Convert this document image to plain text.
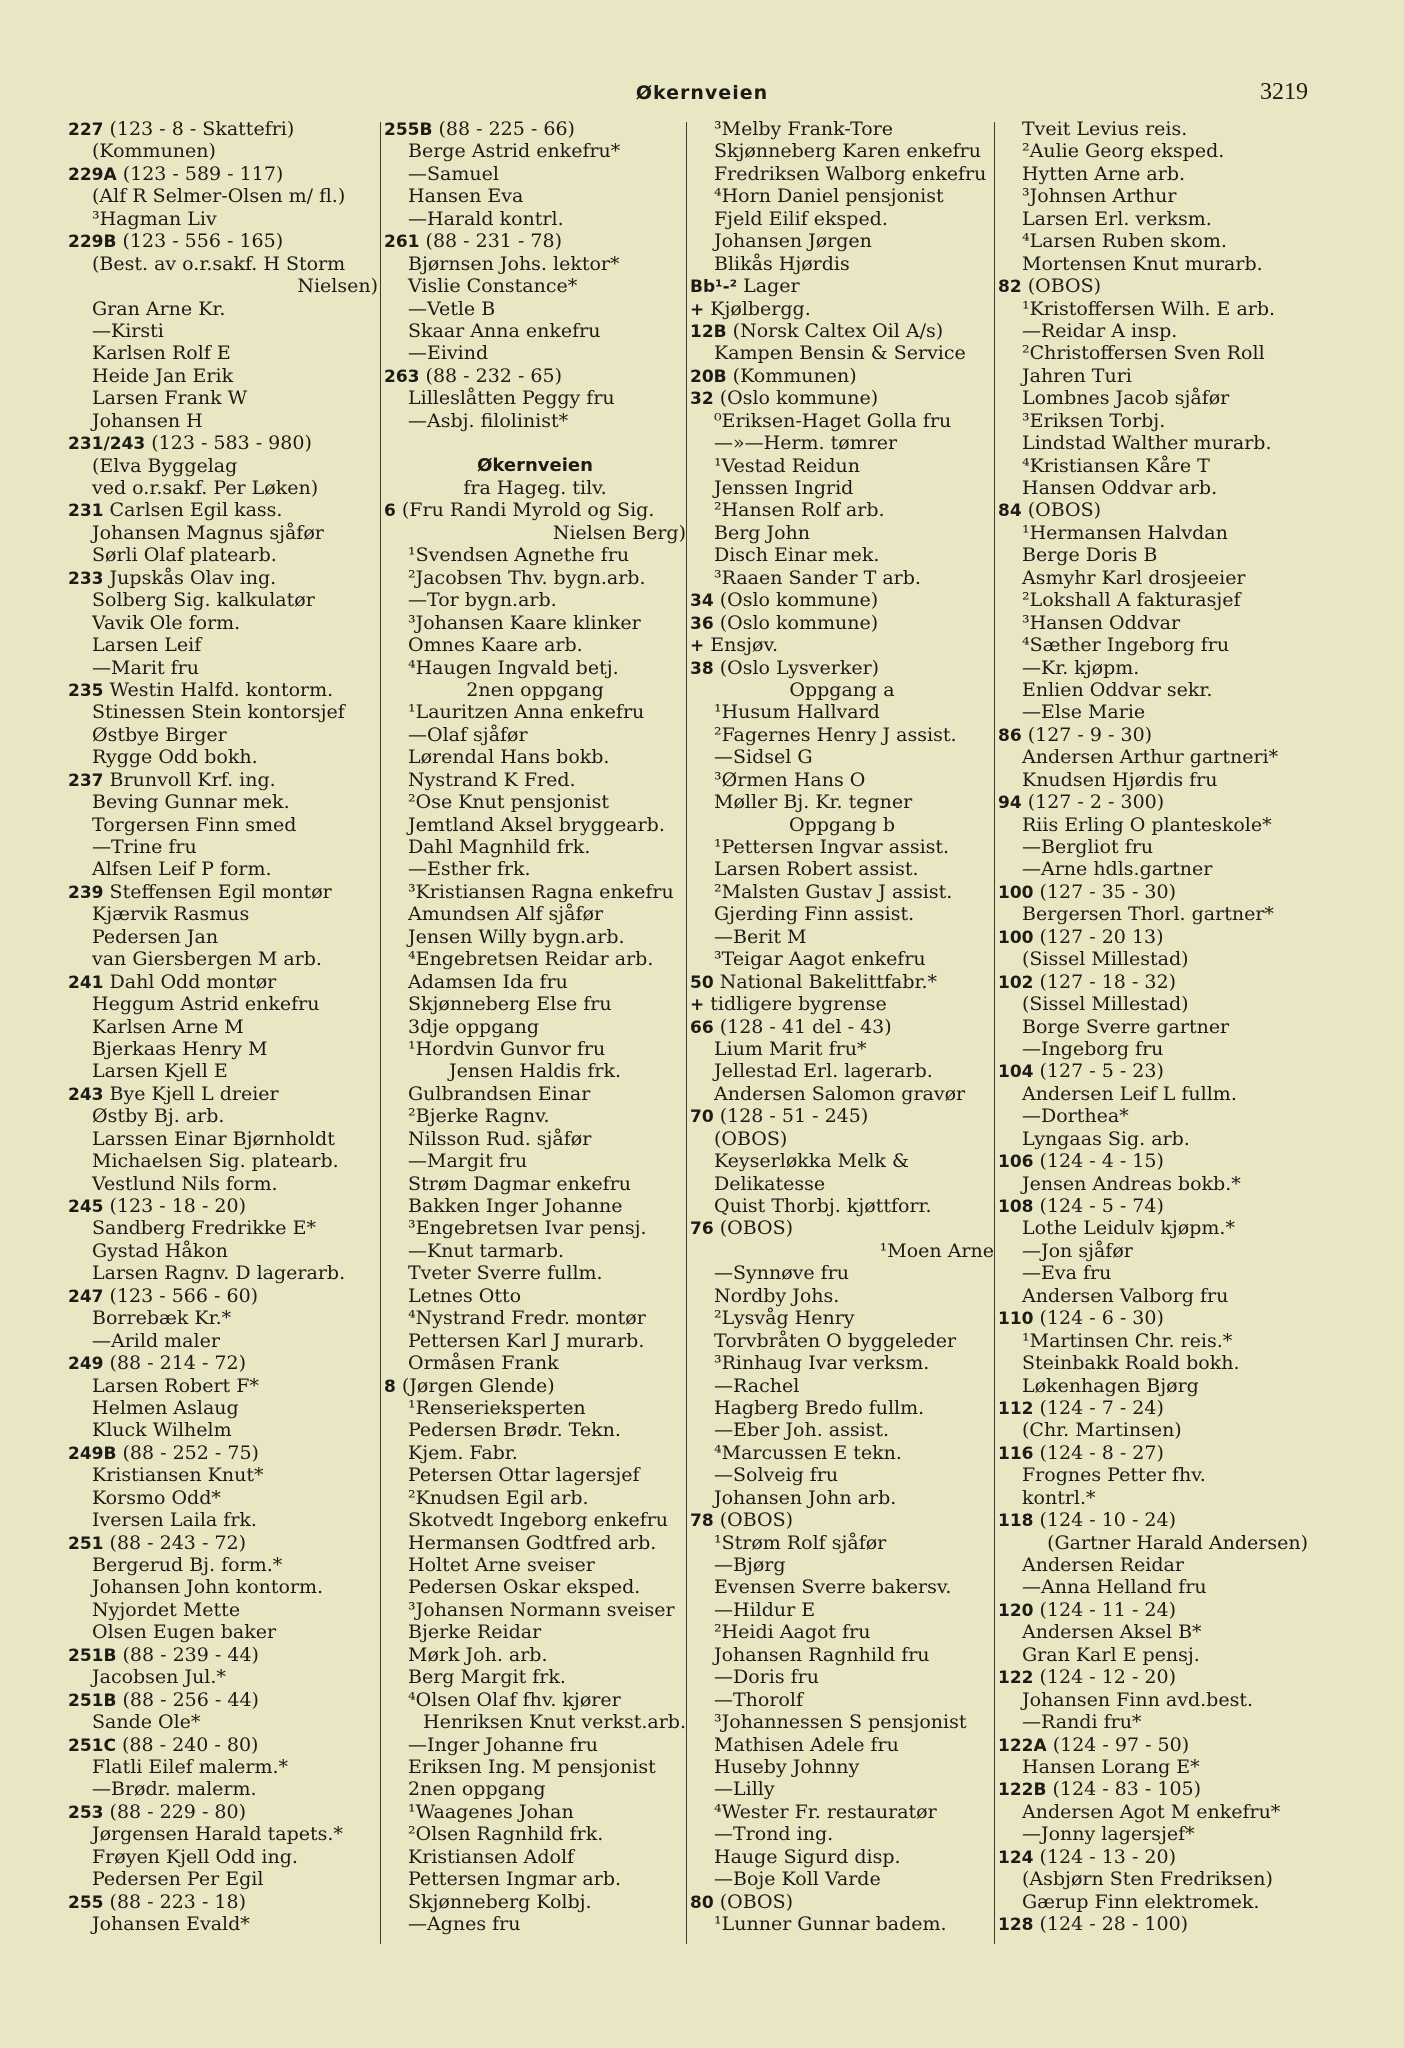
Økernveien	3219
227 (123 - 8 - Skattefri)
(Kommunen)
229A (123 - 589 - 117)
(Alf R Selmer-Olsen m/ fl.)
³Hagman Liv
229B (123 - 556 - 165)
(Best. av o.r.sakf. H Storm
Nielsen)
Gran Arne Kr.
—Kirsti
Karlsen Rolf E
Heide Jan Erik
Larsen Frank W
Johansen H
231/243 (123 - 583 - 980)
(Elva Byggelag
ved o.r.sakf. Per Løken)
231 Carlsen Egil kass.
Johansen Magnus sjåfør
Sørli Olaf platearb.
233 Jupskås Olav ing.
Solberg Sig. kalkulatør
Vavik Ole form.
Larsen Leif
—Marit fru
235 Westin Halfd. kontorm.
Stinessen Stein kontorsjef
Østbye Birger
Rygge Odd bokh.
237 Brunvoll Krf. ing.
Beving Gunnar mek.
Torgersen Finn smed
—Trine fru
Alfsen Leif P form.
239 Steffensen Egil montør
Kjærvik Rasmus
Pedersen Jan
van Giersbergen M arb.
241 Dahl Odd montør
Heggum Astrid enkefru
Karlsen Arne M
Bjerkaas Henry M
Larsen Kjell E
243 Bye Kjell L dreier
Østby Bj. arb.
Larssen Einar Bjørnholdt
Michaelsen Sig. platearb.
Vestlund Nils form.
245 (123 - 18 - 20)
Sandberg Fredrikke E*
Gystad Håkon
Larsen Ragnv. D lagerarb.
247 (123 - 566 - 60)
Borrebæk Kr.*
—Arild maler
249 (88 - 214 - 72)
Larsen Robert F*
Helmen Aslaug
Kluck Wilhelm
249B (88 - 252 - 75)
Kristiansen Knut*
Korsmo Odd*
Iversen Laila frk.
251 (88 - 243 - 72)
Bergerud Bj. form.*
Johansen John kontorm.
Nyjordet Mette
Olsen Eugen baker
251B (88 - 239 - 44)
Jacobsen Jul.*
251B (88 - 256 - 44)
Sande Ole*
251C (88 - 240 - 80)
Flatli Eilef malerm.*
—Brødr. malerm.
253 (88 - 229 - 80)
Jørgensen Harald tapets.*
Frøyen Kjell Odd ing.
Pedersen Per Egil
255 (88 - 223 - 18)
Johansen Evald*
255B (88 - 225 - 66)
Berge Astrid enkefru*
—Samuel
Hansen Eva
—Harald kontrl.
261 (88 - 231 - 78)
Bjørnsen Johs. lektor*
Vislie Constance*
—Vetle B
Skaar Anna enkefru
—Eivind
263 (88 - 232 - 65)
Lilleslåtten Peggy fru
—Asbj. filolinist*
Økernveien
fra Hageg. tilv.
6 (Fru Randi Myrold og Sig.
Nielsen Berg)
¹Svendsen Agnethe fru
²Jacobsen Thv. bygn.arb.
—Tor bygn.arb.
³Johansen Kaare klinker
Omnes Kaare arb.
⁴Haugen Ingvald betj.
2nen oppgang
¹Lauritzen Anna enkefru
—Olaf sjåfør
Lørendal Hans bokb.
Nystrand K Fred.
²Ose Knut pensjonist
Jemtland Aksel bryggearb.
Dahl Magnhild frk.
—Esther frk.
³Kristiansen Ragna enkefru
Amundsen Alf sjåfør
Jensen Willy bygn.arb.
⁴Engebretsen Reidar arb.
Adamsen Ida fru
Skjønneberg Else fru
3dje oppgang
¹Hordvin Gunvor fru
Jensen Haldis frk.
Gulbrandsen Einar
²Bjerke Ragnv.
Nilsson Rud. sjåfør
—Margit fru
Strøm Dagmar enkefru
Bakken Inger Johanne
³Engebretsen Ivar pensj.
—Knut tarmarb.
Tveter Sverre fullm.
Letnes Otto
⁴Nystrand Fredr. montør
Pettersen Karl J murarb.
Ormåsen Frank
8 (Jørgen Glende)
¹Renserieksperten
Pedersen Brødr. Tekn.
Kjem. Fabr.
Petersen Ottar lagersjef
²Knudsen Egil arb.
Skotvedt Ingeborg enkefru
Hermansen Godtfred arb.
Holtet Arne sveiser
Pedersen Oskar eksped.
³Johansen Normann sveiser
Bjerke Reidar
Mørk Joh. arb.
Berg Margit frk.
⁴Olsen Olaf fhv. kjører
Henriksen Knut verkst.arb.
—Inger Johanne fru
Eriksen Ing. M pensjonist
2nen oppgang
¹Waagenes Johan
²Olsen Ragnhild frk.
Kristiansen Adolf
Pettersen Ingmar arb.
Skjønneberg Kolbj.
—Agnes fru
³Melby Frank-Tore
Skjønneberg Karen enkefru
Fredriksen Walborg enkefru
⁴Horn Daniel pensjonist
Fjeld Eilif eksped.
Johansen Jørgen
Blikås Hjørdis
Bb¹-² Lager
+ Kjølbergg.
12B (Norsk Caltex Oil A/s)
Kampen Bensin & Service
20B (Kommunen)
32 (Oslo kommune)
⁰Eriksen-Haget Golla fru
—»—Herm. tømrer
¹Vestad Reidun
Jenssen Ingrid
²Hansen Rolf arb.
Berg John
Disch Einar mek.
³Raaen Sander T arb.
34 (Oslo kommune)
36 (Oslo kommune)
+ Ensjøv.
38 (Oslo Lysverker)
Oppgang a
¹Husum Hallvard
²Fagernes Henry J assist.
—Sidsel G
³Ørmen Hans O
Møller Bj. Kr. tegner
Oppgang b
¹Pettersen Ingvar assist.
Larsen Robert assist.
²Malsten Gustav J assist.
Gjerding Finn assist.
—Berit M
³Teigar Aagot enkefru
50 National Bakelittfabr.*
+ tidligere bygrense
66 (128 - 41 del - 43)
Lium Marit fru*
Jellestad Erl. lagerarb.
Andersen Salomon gravør
70 (128 - 51 - 245)
(OBOS)
Keyserløkka Melk &
Delikatesse
Quist Thorbj. kjøttforr.
76 (OBOS)
¹Moen Arne
—Synnøve fru
Nordby Johs.
²Lysvåg Henry
Torvbråten O byggeleder
³Rinhaug Ivar verksm.
—Rachel
Hagberg Bredo fullm.
—Eber Joh. assist.
⁴Marcussen E tekn.
—Solveig fru
Johansen John arb.
78 (OBOS)
¹Strøm Rolf sjåfør
—Bjørg
Evensen Sverre bakersv.
—Hildur E
²Heidi Aagot fru
Johansen Ragnhild fru
—Doris fru
—Thorolf
³Johannessen S pensjonist
Mathisen Adele fru
Huseby Johnny
—Lilly
⁴Wester Fr. restauratør
—Trond ing.
Hauge Sigurd disp.
—Boje Koll Varde
80 (OBOS)
¹Lunner Gunnar badem.
Tveit Levius reis.
²Aulie Georg eksped.
Hytten Arne arb.
³Johnsen Arthur
Larsen Erl. verksm.
⁴Larsen Ruben skom.
Mortensen Knut murarb.
82 (OBOS)
¹Kristoffersen Wilh. E arb.
—Reidar A insp.
²Christoffersen Sven Roll
Jahren Turi
Lombnes Jacob sjåfør
³Eriksen Torbj.
Lindstad Walther murarb.
⁴Kristiansen Kåre T
Hansen Oddvar arb.
84 (OBOS)
¹Hermansen Halvdan
Berge Doris B
Asmyhr Karl drosjeeier
²Lokshall A fakturasjef
³Hansen Oddvar
⁴Sæther Ingeborg fru
—Kr. kjøpm.
Enlien Oddvar sekr.
—Else Marie
86 (127 - 9 - 30)
Andersen Arthur gartneri*
Knudsen Hjørdis fru
94 (127 - 2 - 300)
Riis Erling O planteskole*
—Bergliot fru
—Arne hdls.gartner
100 (127 - 35 - 30)
Bergersen Thorl. gartner*
100 (127 - 20 13)
(Sissel Millestad)
102 (127 - 18 - 32)
(Sissel Millestad)
Borge Sverre gartner
—Ingeborg fru
104 (127 - 5 - 23)
Andersen Leif L fullm.
—Dorthea*
Lyngaas Sig. arb.
106 (124 - 4 - 15)
Jensen Andreas bokb.*
108 (124 - 5 - 74)
Lothe Leidulv kjøpm.*
—Jon sjåfør
—Eva fru
Andersen Valborg fru
110 (124 - 6 - 30)
¹Martinsen Chr. reis.*
Steinbakk Roald bokh.
Løkenhagen Bjørg
112 (124 - 7 - 24)
(Chr. Martinsen)
116 (124 - 8 - 27)
Frognes Petter fhv.
kontrl.*
118 (124 - 10 - 24)
(Gartner Harald Andersen)
Andersen Reidar
—Anna Helland fru
120 (124 - 11 - 24)
Andersen Aksel B*
Gran Karl E pensj.
122 (124 - 12 - 20)
Johansen Finn avd.best.
—Randi fru*
122A (124 - 97 - 50)
Hansen Lorang E*
122B (124 - 83 - 105)
Andersen Agot M enkefru*
—Jonny lagersjef*
124 (124 - 13 - 20)
(Asbjørn Sten Fredriksen)
Gærup Finn elektromek.
128 (124 - 28 - 100)
